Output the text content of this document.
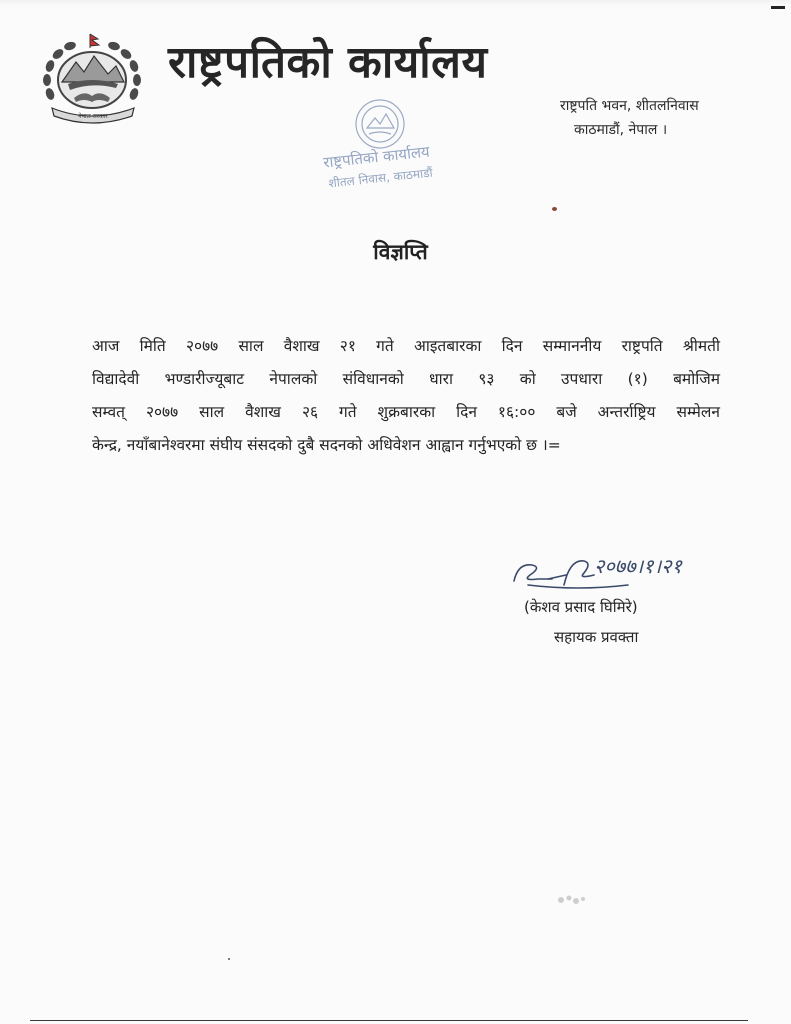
नेपाल सरकार
राष्ट्रपतिको कार्यालय
राष्ट्रपति भवन, शीतलनिवास
काठमाडौं, नेपाल ।
राष्ट्रपतिको कार्यालय
शीतल निवास, काठमाडौं
विज्ञप्ति
आज मिति २०७७ साल वैशाख २१ गते आइतबारका दिन सम्माननीय राष्ट्रपति श्रीमती
विद्यादेवी भण्डारीज्यूबाट नेपालको संविधानको धारा ९३ को उपधारा (१) बमोजिम
सम्वत् २०७७ साल वैशाख २६ गते शुक्रबारका दिन १६:०० बजे अन्तर्राष्ट्रिय सम्मेलन
केन्द्र, नयाँबानेश्वरमा संघीय संसदको दुबै सदनको अधिवेशन आह्वान गर्नुभएको छ ।=
२०७७।१।२१
(केशव प्रसाद घिमिरे)
सहायक प्रवक्ता
